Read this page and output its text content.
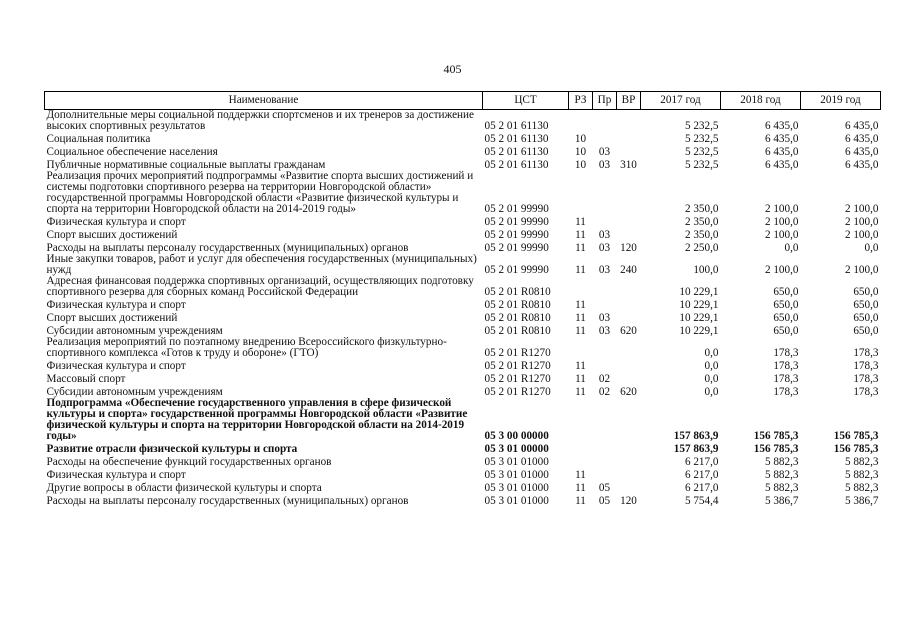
405
Наименование	ЦСТ	РЗ	Пр	ВР	2017 год	2018 год	2019 год
Дополнительные меры социальной поддержки спортсменов и их тренеров за достижение высоких спортивных результатов	05 2 01 61130				5 232,5	6 435,0	6 435,0
Социальная политика	05 2 01 61130	10			5 232,5	6 435,0	6 435,0
Социальное обеспечение населения	05 2 01 61130	10	03		5 232,5	6 435,0	6 435,0
Публичные нормативные социальные выплаты гражданам	05 2 01 61130	10	03	310	5 232,5	6 435,0	6 435,0
Реализация прочих мероприятий подпрограммы «Развитие спорта высших достижений и системы подготовки спортивного резерва на территории Новгородской области» государственной программы Новгородской области «Развитие физической культуры и спорта на территории Новгородской области на 2014-2019 годы»	05 2 01 99990				2 350,0	2 100,0	2 100,0
Физическая культура и спорт	05 2 01 99990	11			2 350,0	2 100,0	2 100,0
Спорт высших достижений	05 2 01 99990	11	03		2 350,0	2 100,0	2 100,0
Расходы на выплаты персоналу государственных (муниципальных) органов	05 2 01 99990	11	03	120	2 250,0	0,0	0,0
Иные закупки товаров, работ и услуг для обеспечения государственных (муниципальных) нужд	05 2 01 99990	11	03	240	100,0	2 100,0	2 100,0
Адресная финансовая поддержка спортивных организаций, осуществляющих подготовку спортивного резерва для сборных команд Российской Федерации	05 2 01 R0810				10 229,1	650,0	650,0
Физическая культура и спорт	05 2 01 R0810	11			10 229,1	650,0	650,0
Спорт высших достижений	05 2 01 R0810	11	03		10 229,1	650,0	650,0
Субсидии автономным учреждениям	05 2 01 R0810	11	03	620	10 229,1	650,0	650,0
Реализация мероприятий по поэтапному внедрению Всероссийского физкультурно-спортивного комплекса «Готов к труду и обороне» (ГТО)	05 2 01 R1270				0,0	178,3	178,3
Физическая культура и спорт	05 2 01 R1270	11			0,0	178,3	178,3
Массовый спорт	05 2 01 R1270	11	02		0,0	178,3	178,3
Субсидии автономным учреждениям	05 2 01 R1270	11	02	620	0,0	178,3	178,3
Подпрограмма «Обеспечение государственного управления в сфере физической культуры и спорта» государственной программы Новгородской области «Развитие физической культуры и спорта на территории Новгородской области на 2014-2019 годы»	05 3 00 00000				157 863,9	156 785,3	156 785,3
Развитие отрасли физической культуры и спорта	05 3 01 00000				157 863,9	156 785,3	156 785,3
Расходы на обеспечение функций государственных органов	05 3 01 01000				6 217,0	5 882,3	5 882,3
Физическая культура и спорт	05 3 01 01000	11			6 217,0	5 882,3	5 882,3
Другие вопросы в области физической культуры и спорта	05 3 01 01000	11	05		6 217,0	5 882,3	5 882,3
Расходы на выплаты персоналу государственных (муниципальных) органов	05 3 01 01000	11	05	120	5 754,4	5 386,7	5 386,7
